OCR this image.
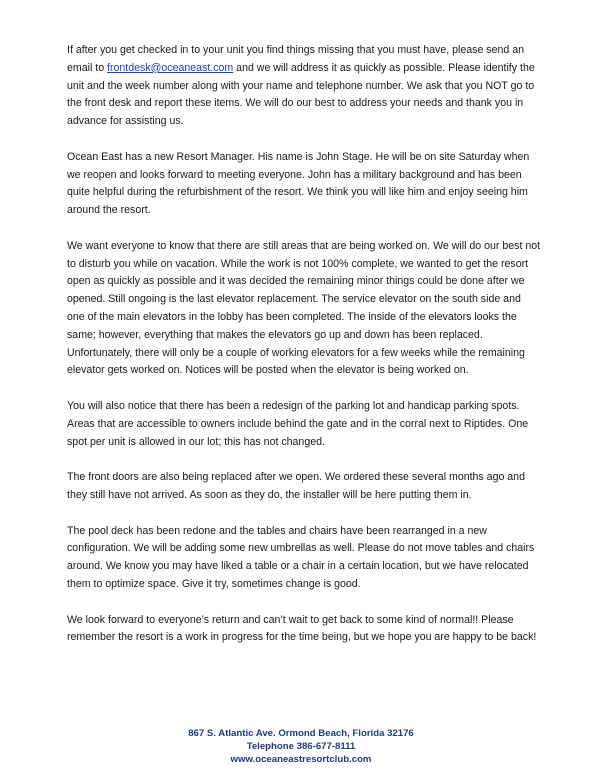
If after you get checked in to your unit you find things missing that you must have, please send an email to frontdesk@oceaneast.com and we will address it as quickly as possible. Please identify the unit and the week number along with your name and telephone number. We ask that you NOT go to the front desk and report these items. We will do our best to address your needs and thank you in advance for assisting us.

Ocean East has a new Resort Manager. His name is John Stage. He will be on site Saturday when we reopen and looks forward to meeting everyone. John has a military background and has been quite helpful during the refurbishment of the resort. We think you will like him and enjoy seeing him around the resort.

We want everyone to know that there are still areas that are being worked on. We will do our best not to disturb you while on vacation. While the work is not 100% complete, we wanted to get the resort open as quickly as possible and it was decided the remaining minor things could be done after we opened. Still ongoing is the last elevator replacement. The service elevator on the south side and one of the main elevators in the lobby has been completed. The inside of the elevators looks the same; however, everything that makes the elevators go up and down has been replaced. Unfortunately, there will only be a couple of working elevators for a few weeks while the remaining elevator gets worked on. Notices will be posted when the elevator is being worked on.

You will also notice that there has been a redesign of the parking lot and handicap parking spots. Areas that are accessible to owners include behind the gate and in the corral next to Riptides. One spot per unit is allowed in our lot; this has not changed.

The front doors are also being replaced after we open. We ordered these several months ago and they still have not arrived. As soon as they do, the installer will be here putting them in.

The pool deck has been redone and the tables and chairs have been rearranged in a new configuration. We will be adding some new umbrellas as well. Please do not move tables and chairs around. We know you may have liked a table or a chair in a certain location, but we have relocated them to optimize space. Give it try, sometimes change is good.

We look forward to everyone’s return and can’t wait to get back to some kind of normal!! Please remember the resort is a work in progress for the time being, but we hope you are happy to be back!

867 S. Atlantic Ave. Ormond Beach, Florida 32176
Telephone 386-677-8111
www.oceaneastresortclub.com
